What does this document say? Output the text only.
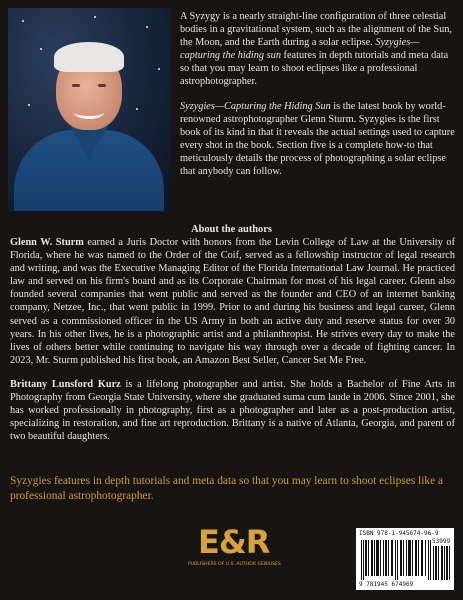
A Syzygy is a nearly straight-line configuration of three celestial bodies in a gravitational system, such as the alignment of the Sun, the Moon, and the Earth during a solar eclipse. Syzygies—capturing the hiding sun features in depth tutorials and meta data so that you may learn to shoot eclipses like a professional astrophotographer.

Syzygies—Capturing the Hiding Sun is the latest book by world-renowned astrophotographer Glenn Sturm. Syzygies is the first book of its kind in that it reveals the actual settings used to capture every shot in the book. Section five is a complete how-to that meticulously details the process of photographing a solar eclipse that anybody can follow.

About the authors

Glenn W. Sturm earned a Juris Doctor with honors from the Levin College of Law at the University of Florida, where he was named to the Order of the Coif, served as a fellowship instructor of legal research and writing, and was the Executive Managing Editor of the Florida International Law Journal. He practiced law and served on his firm's board and as its Corporate Chairman for most of his legal career. Glenn also founded several companies that went public and served as the founder and CEO of an internet banking company, Netzee, Inc., that went public in 1999. Prior to and during his business and legal career, Glenn served as a commissioned officer in the US Army in both an active duty and reserve status for over 30 years. In his other lives, he is a photographic artist and a philanthropist. He strives every day to make the lives of others better while continuing to navigate his way through over a decade of fighting cancer. In 2023, Mr. Sturm published his first book, an Amazon Best Seller, Cancer Set Me Free.

Brittany Lunsford Kurz is a lifelong photographer and artist. She holds a Bachelor of Fine Arts in Photography from Georgia State University, where she graduated suma cum laude in 2006. Since 2001, she has worked professionally in photography, first as a photographer and later as a post-production artist, specializing in restoration, and fine art reproduction. Brittany is a native of Atlanta, Georgia, and parent of two beautiful daughters.

Syzygies features in depth tutorials and meta data so that you may learn to shoot eclipses like a professional astrophotographer.
E&R
PUBLISHERS OF U.S. AUTHOR GENIUSES
ISBN 978-1-945674-96-9
53999
9 781945 674969
